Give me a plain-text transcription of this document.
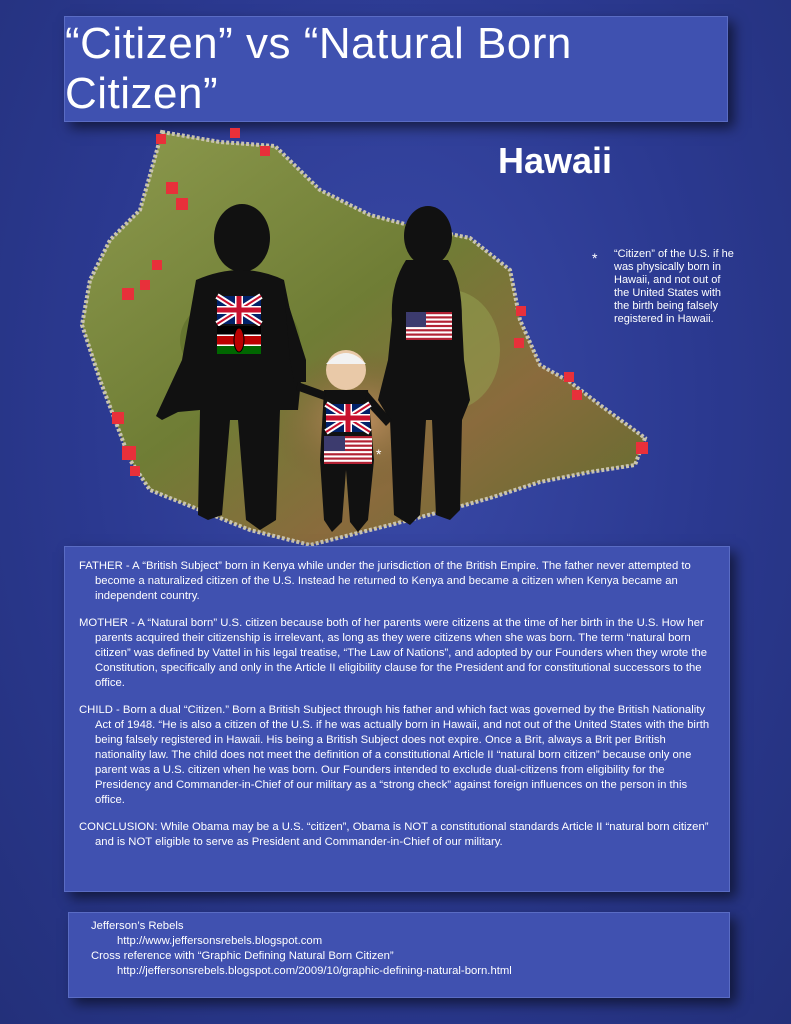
“Citizen” vs “Natural Born Citizen”
Hawaii
* “Citizen” of the U.S. if he was physically born in Hawaii, and not out of the United States with the birth being falsely registered in Hawaii.
*

FATHER - A “British Subject” born in Kenya while under the jurisdiction of the British Empire. The father never attempted to become a naturalized citizen of the U.S. Instead he returned to Kenya and became a citizen when Kenya became an independent country.

MOTHER - A “Natural born” U.S. citizen because both of her parents were citizens at the time of her birth in the U.S. How her parents acquired their citizenship is irrelevant, as long as they were citizens when she was born. The term “natural born citizen” was defined by Vattel in his legal treatise, “The Law of Nations”, and adopted by our Founders when they wrote the Constitution, specifically and only in the Article II eligibility clause for the President and for constitutional successors to the office.

CHILD - Born a dual “Citizen.” Born a British Subject through his father and which fact was governed by the British Nationality Act of 1948. “He is also a citizen of the U.S. if he was actually born in Hawaii, and not out of the United States with the birth being falsely registered in Hawaii. His being a British Subject does not expire. Once a Brit, always a Brit per British nationality law. The child does not meet the definition of a constitutional Article II “natural born citizen” because only one parent was a U.S. citizen when he was born. Our Founders intended to exclude dual-citizens from eligibility for the Presidency and Commander-in-Chief of our military as a “strong check” against foreign influences on the person in this office.

CONCLUSION: While Obama may be a U.S. “citizen”, Obama is NOT a constitutional standards Article II “natural born citizen” and is NOT eligible to serve as President and Commander-in-Chief of our military.

Jefferson’s Rebels
http://www.jeffersonsrebels.blogspot.com
Cross reference with “Graphic Defining Natural Born Citizen”
http://jeffersonsrebels.blogspot.com/2009/10/graphic-defining-natural-born.html
